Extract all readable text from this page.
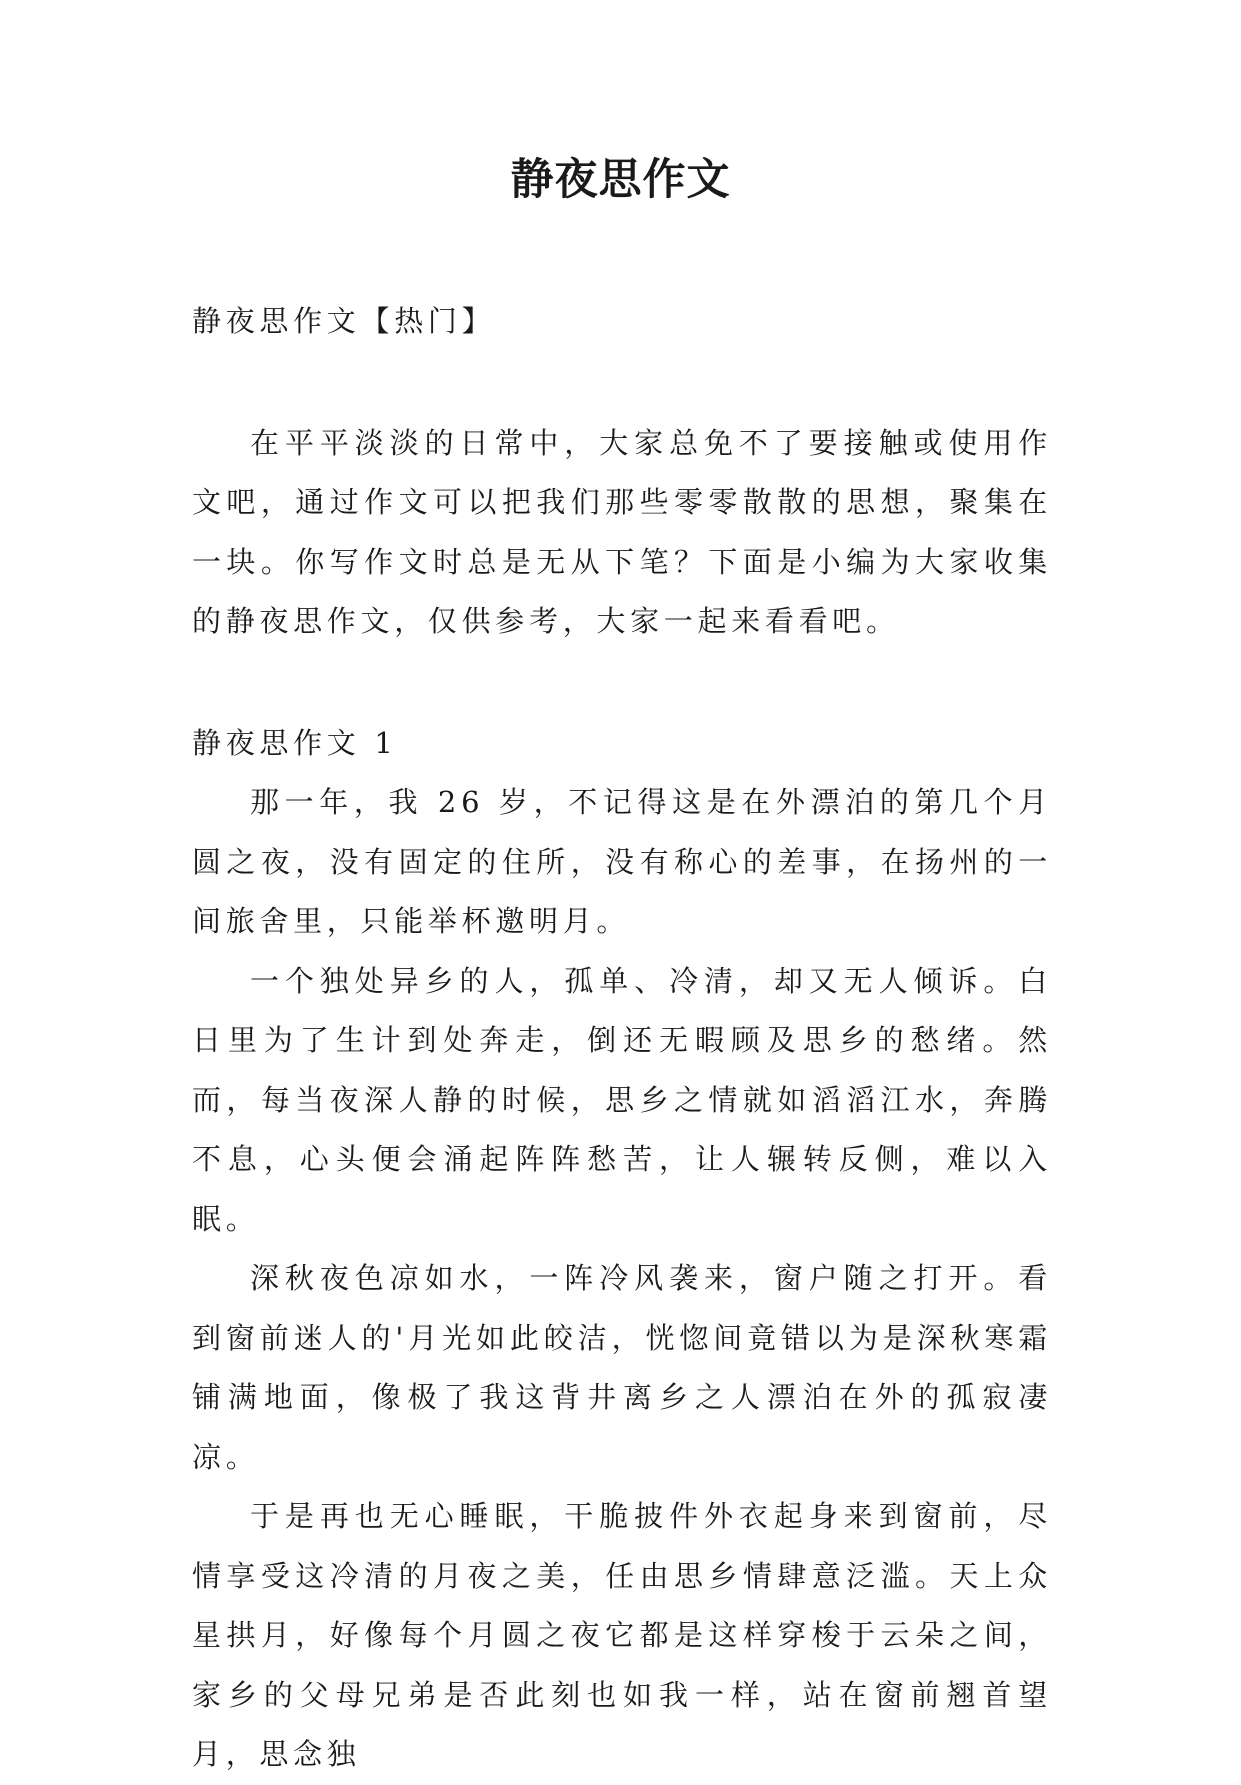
静夜思作文

静夜思作文【热门】

在平平淡淡的日常中，大家总免不了要接触或使用作文吧，通过作文可以把我们那些零零散散的思想，聚集在一块。你写作文时总是无从下笔？下面是小编为大家收集的静夜思作文，仅供参考，大家一起来看看吧。

静夜思作文 1

那一年，我 26 岁，不记得这是在外漂泊的第几个月圆之夜，没有固定的住所，没有称心的差事，在扬州的一间旅舍里，只能举杯邀明月。

一个独处异乡的人，孤单、冷清，却又无人倾诉。白日里为了生计到处奔走，倒还无暇顾及思乡的愁绪。然而，每当夜深人静的时候，思乡之情就如滔滔江水，奔腾不息，心头便会涌起阵阵愁苦，让人辗转反侧，难以入眠。

深秋夜色凉如水，一阵冷风袭来，窗户随之打开。看到窗前迷人的'月光如此皎洁，恍惚间竟错以为是深秋寒霜铺满地面，像极了我这背井离乡之人漂泊在外的孤寂凄凉。

于是再也无心睡眠，干脆披件外衣起身来到窗前，尽情享受这冷清的月夜之美，任由思乡情肆意泛滥。天上众星拱月，好像每个月圆之夜它都是这样穿梭于云朵之间，家乡的父母兄弟是否此刻也如我一样，站在窗前翘首望月，思念独
